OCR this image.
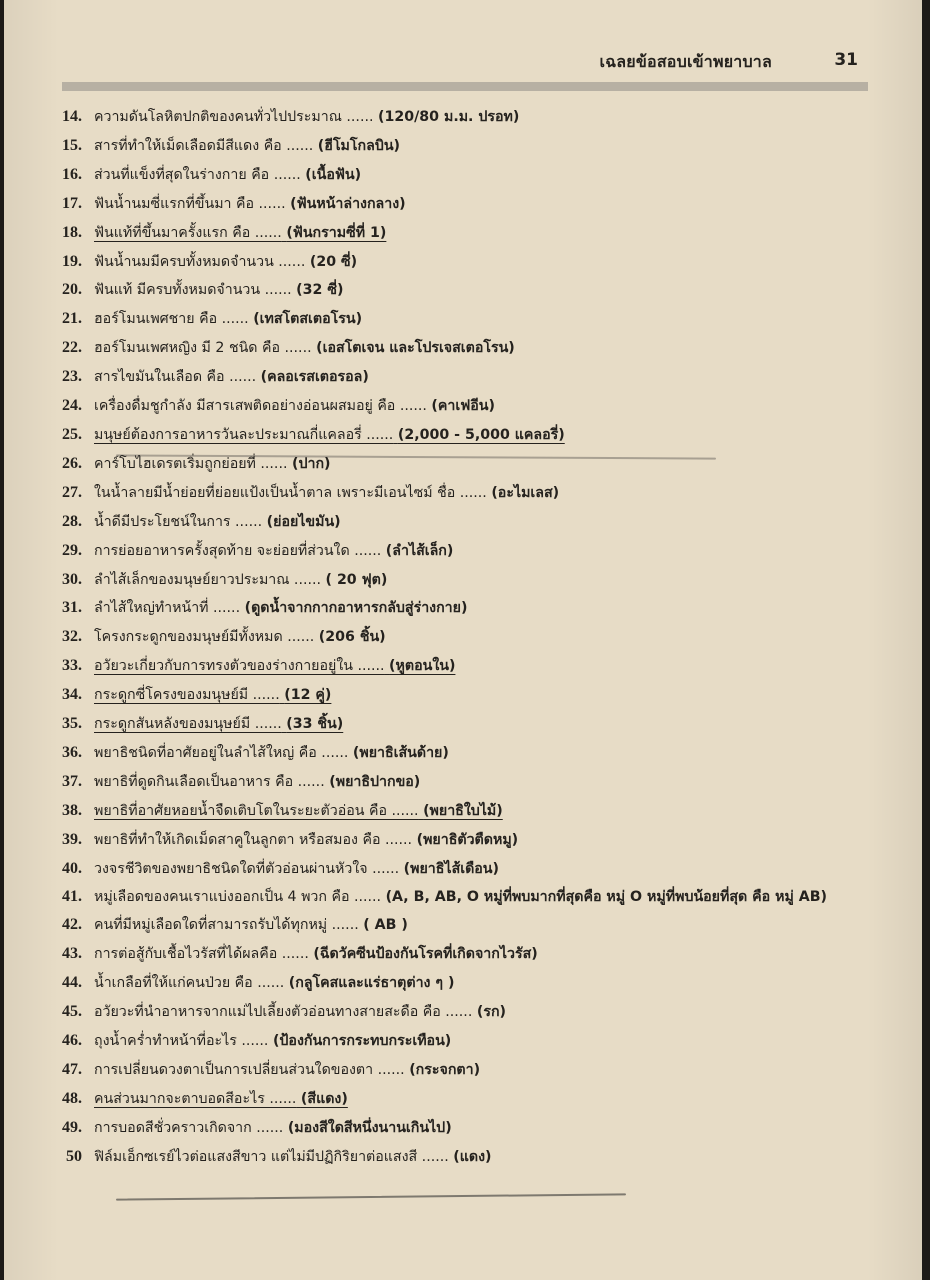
เฉลยข้อสอบเข้าพยาบาล	31
14. ความดันโลหิตปกติของคนทั่วไปประมาณ ...... (120/80 ม.ม. ปรอท)
15. สารที่ทำให้เม็ดเลือดมีสีแดง คือ ...... (ฮีโมโกลบิน)
16. ส่วนที่แข็งที่สุดในร่างกาย คือ ...... (เนื้อฟัน)
17. ฟันน้ำนมซี่แรกที่ขึ้นมา คือ ...... (ฟันหน้าล่างกลาง)
18. ฟันแท้ที่ขึ้นมาครั้งแรก คือ ...... (ฟันกรามซี่ที่ 1)
19. ฟันน้ำนมมีครบทั้งหมดจำนวน ...... (20 ซี่)
20. ฟันแท้ มีครบทั้งหมดจำนวน ...... (32 ซี่)
21. ฮอร์โมนเพศชาย คือ ...... (เทสโตสเตอโรน)
22. ฮอร์โมนเพศหญิง มี 2 ชนิด คือ ...... (เอสโตเจน และโปรเจสเตอโรน)
23. สารไขมันในเลือด คือ ...... (คลอเรสเตอรอล)
24. เครื่องดื่มชูกำลัง มีสารเสพติดอย่างอ่อนผสมอยู่ คือ ...... (คาเฟอีน)
25. มนุษย์ต้องการอาหารวันละประมาณกี่แคลอรี่ ...... (2,000 - 5,000 แคลอรี่)
26. คาร์โบไฮเดรตเริ่มถูกย่อยที่ ...... (ปาก)
27. ในน้ำลายมีน้ำย่อยที่ย่อยแป้งเป็นน้ำตาล เพราะมีเอนไซม์ ชื่อ ...... (อะไมเลส)
28. น้ำดีมีประโยชน์ในการ ...... (ย่อยไขมัน)
29. การย่อยอาหารครั้งสุดท้าย จะย่อยที่ส่วนใด ...... (ลำไส้เล็ก)
30. ลำไส้เล็กของมนุษย์ยาวประมาณ ...... ( 20 ฟุต)
31. ลำไส้ใหญ่ทำหน้าที่ ...... (ดูดน้ำจากกากอาหารกลับสู่ร่างกาย)
32. โครงกระดูกของมนุษย์มีทั้งหมด ...... (206 ชิ้น)
33. อวัยวะเกี่ยวกับการทรงตัวของร่างกายอยู่ใน ...... (หูตอนใน)
34. กระดูกซี่โครงของมนุษย์มี ...... (12 คู่)
35. กระดูกสันหลังของมนุษย์มี ...... (33 ชิ้น)
36. พยาธิชนิดที่อาศัยอยู่ในลำไส้ใหญ่ คือ ...... (พยาธิเส้นด้าย)
37. พยาธิที่ดูดกินเลือดเป็นอาหาร คือ ...... (พยาธิปากขอ)
38. พยาธิที่อาศัยหอยน้ำจืดเติบโตในระยะตัวอ่อน คือ ...... (พยาธิใบไม้)
39. พยาธิที่ทำให้เกิดเม็ดสาคูในลูกตา หรือสมอง คือ ...... (พยาธิตัวตืดหมู)
40. วงจรชีวิตของพยาธิชนิดใดที่ตัวอ่อนผ่านหัวใจ ...... (พยาธิไส้เดือน)
41. หมู่เลือดของคนเราแบ่งออกเป็น 4 พวก คือ ...... (A, B, AB, O หมู่ที่พบมากที่สุดคือ หมู่ O หมู่ที่พบน้อยที่สุด คือ หมู่ AB)
42. คนที่มีหมู่เลือดใดที่สามารถรับได้ทุกหมู่ ...... ( AB )
43. การต่อสู้กับเชื้อไวรัสที่ได้ผลคือ ...... (ฉีดวัคซีนป้องกันโรคที่เกิดจากไวรัส)
44. น้ำเกลือที่ให้แก่คนป่วย คือ ...... (กลูโคสและแร่ธาตุต่าง ๆ )
45. อวัยวะที่นำอาหารจากแม่ไปเลี้ยงตัวอ่อนทางสายสะดือ คือ ...... (รก)
46. ถุงน้ำคร่ำทำหน้าที่อะไร ...... (ป้องกันการกระทบกระเทือน)
47. การเปลี่ยนดวงตาเป็นการเปลี่ยนส่วนใดของตา ...... (กระจกตา)
48. คนส่วนมากจะตาบอดสีอะไร ...... (สีแดง)
49. การบอดสีชั่วคราวเกิดจาก ...... (มองสีใดสีหนึ่งนานเกินไป)
50 ฟิล์มเอ็กซเรย์ไวต่อแสงสีขาว แต่ไม่มีปฏิกิริยาต่อแสงสี ...... (แดง)
